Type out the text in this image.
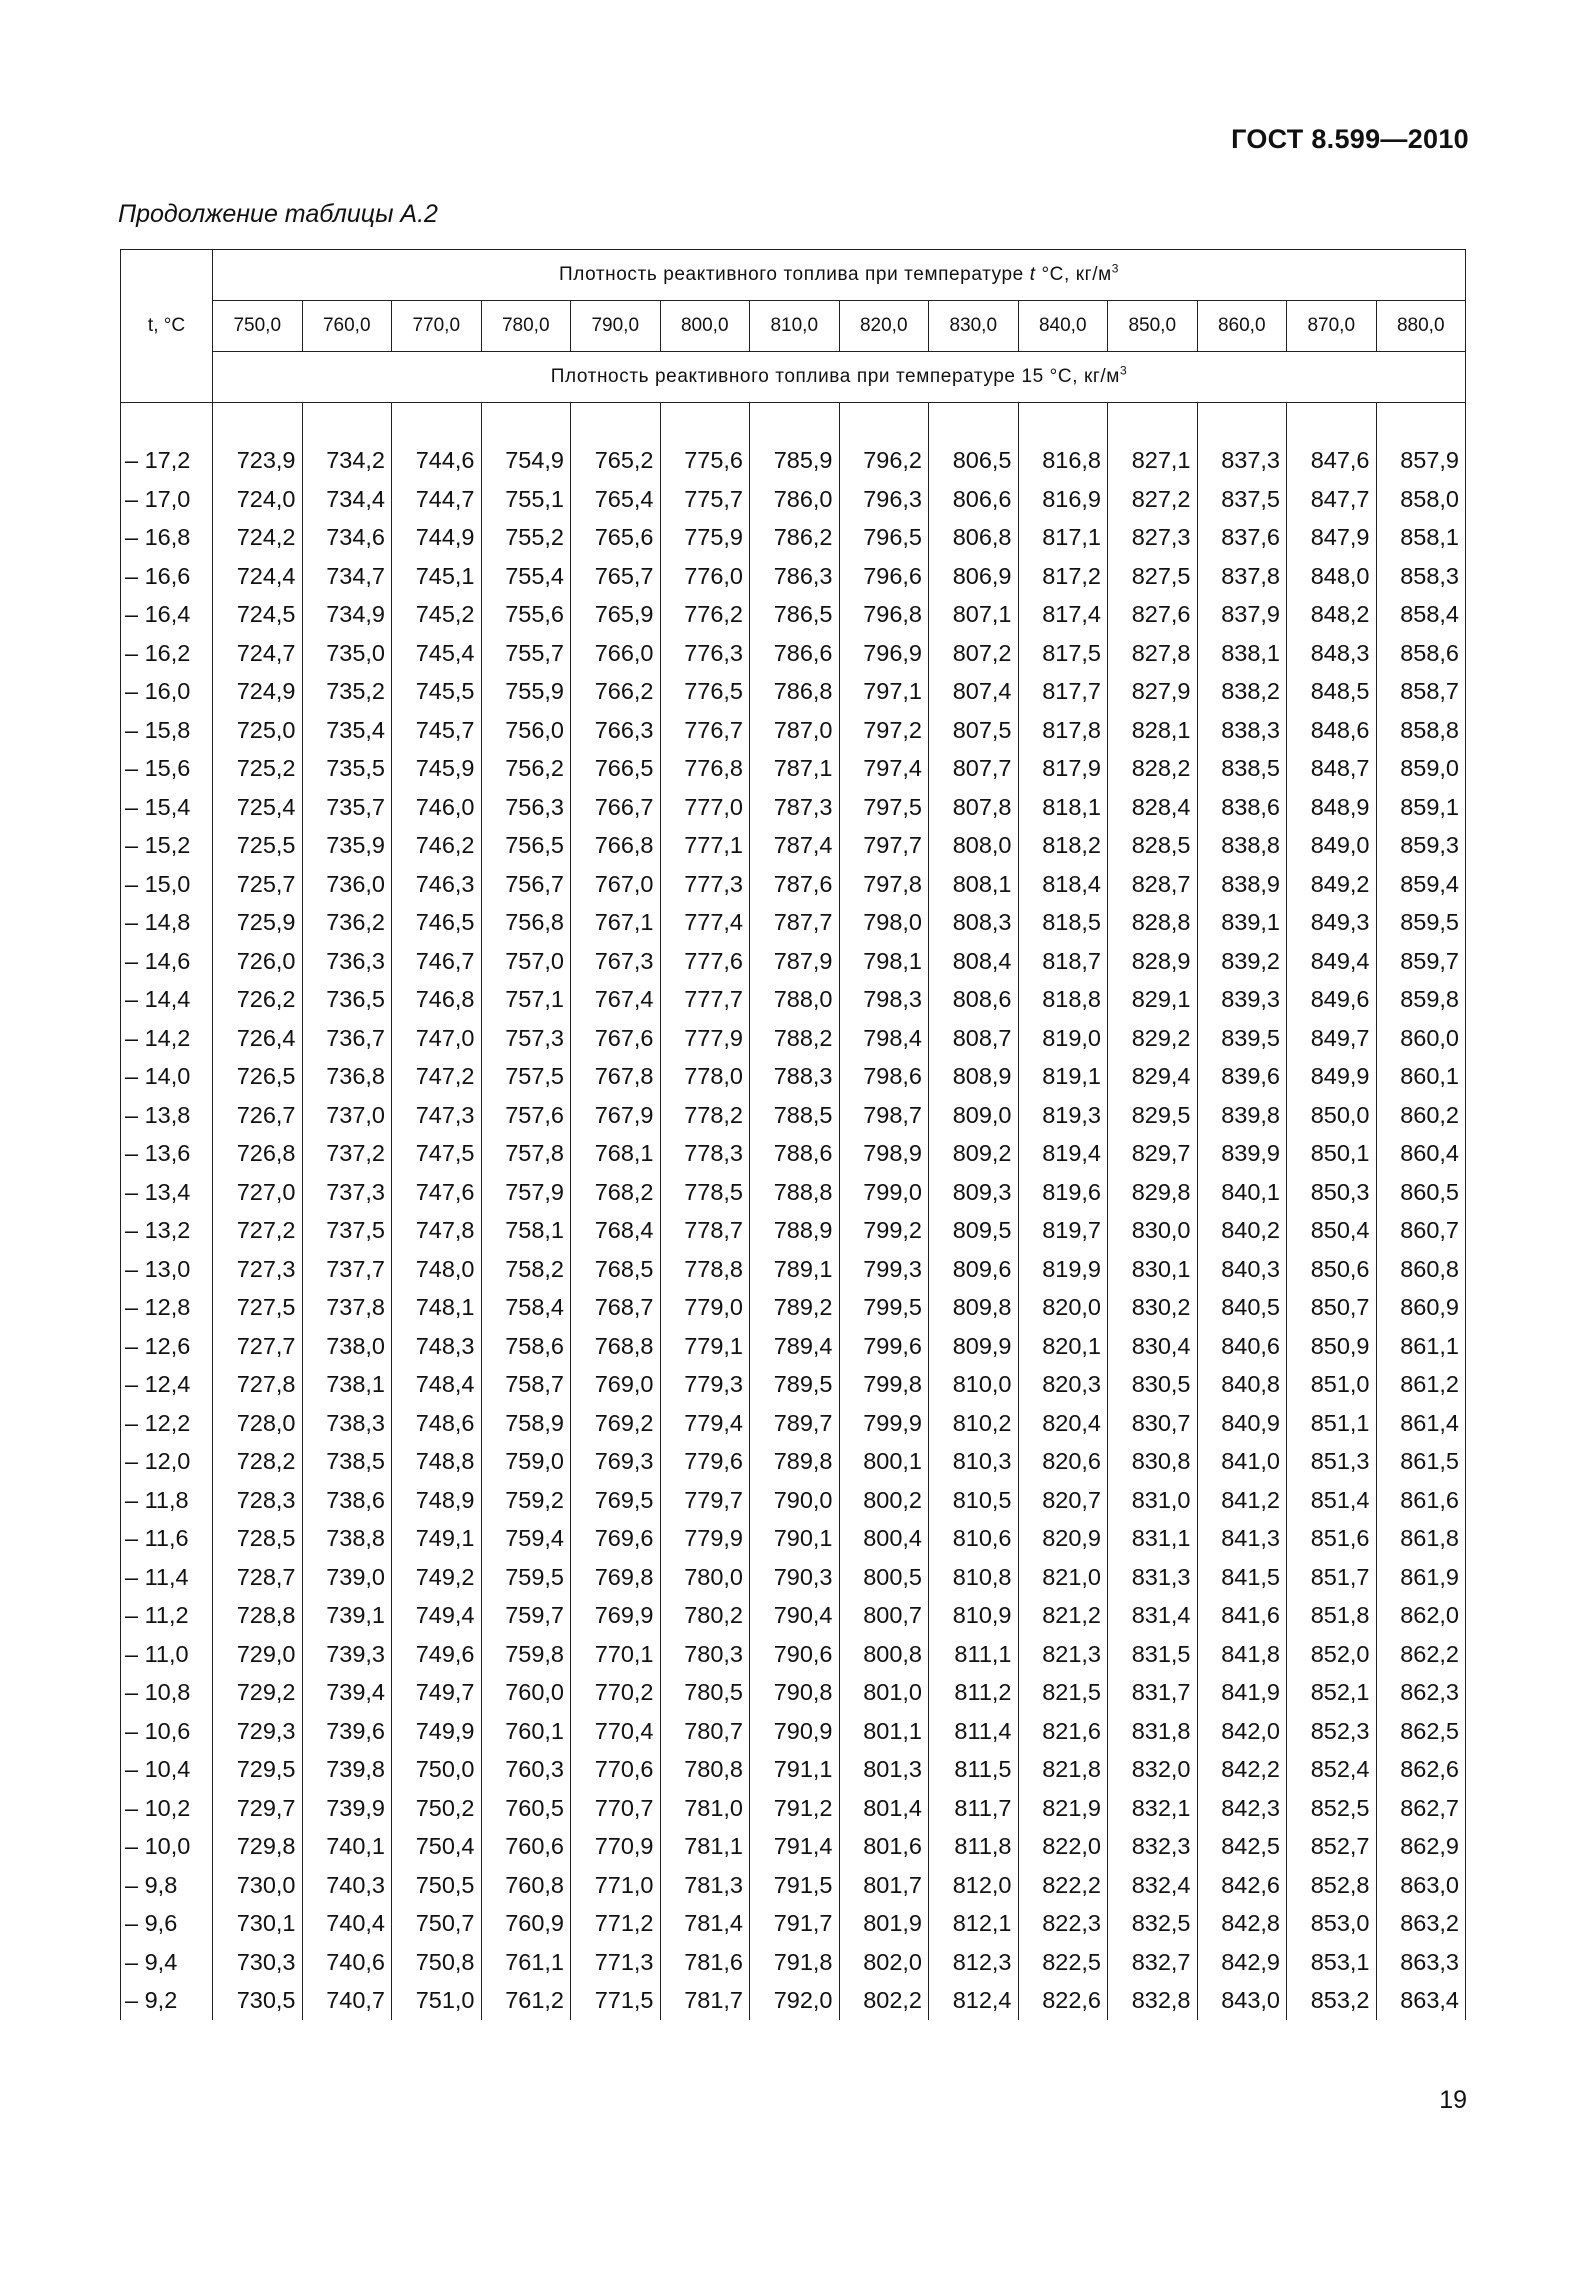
ГОСТ 8.599—2010
Продолжение таблицы А.2
t, °C	Плотность реактивного топлива при температуре t °C, $кг/м^3$
	750,0	760,0	770,0	780,0	790,0	800,0	810,0	820,0	830,0	840,0	850,0	860,0	870,0	880,0
	Плотность реактивного топлива при температуре 15 °C, $кг/м^3$

– 17,2	723,9	734,2	744,6	754,9	765,2	775,6	785,9	796,2	806,5	816,8	827,1	837,3	847,6	857,9
– 17,0	724,0	734,4	744,7	755,1	765,4	775,7	786,0	796,3	806,6	816,9	827,2	837,5	847,7	858,0
– 16,8	724,2	734,6	744,9	755,2	765,6	775,9	786,2	796,5	806,8	817,1	827,3	837,6	847,9	858,1
– 16,6	724,4	734,7	745,1	755,4	765,7	776,0	786,3	796,6	806,9	817,2	827,5	837,8	848,0	858,3
– 16,4	724,5	734,9	745,2	755,6	765,9	776,2	786,5	796,8	807,1	817,4	827,6	837,9	848,2	858,4
– 16,2	724,7	735,0	745,4	755,7	766,0	776,3	786,6	796,9	807,2	817,5	827,8	838,1	848,3	858,6
– 16,0	724,9	735,2	745,5	755,9	766,2	776,5	786,8	797,1	807,4	817,7	827,9	838,2	848,5	858,7
– 15,8	725,0	735,4	745,7	756,0	766,3	776,7	787,0	797,2	807,5	817,8	828,1	838,3	848,6	858,8
– 15,6	725,2	735,5	745,9	756,2	766,5	776,8	787,1	797,4	807,7	817,9	828,2	838,5	848,7	859,0
– 15,4	725,4	735,7	746,0	756,3	766,7	777,0	787,3	797,5	807,8	818,1	828,4	838,6	848,9	859,1
– 15,2	725,5	735,9	746,2	756,5	766,8	777,1	787,4	797,7	808,0	818,2	828,5	838,8	849,0	859,3
– 15,0	725,7	736,0	746,3	756,7	767,0	777,3	787,6	797,8	808,1	818,4	828,7	838,9	849,2	859,4
– 14,8	725,9	736,2	746,5	756,8	767,1	777,4	787,7	798,0	808,3	818,5	828,8	839,1	849,3	859,5
– 14,6	726,0	736,3	746,7	757,0	767,3	777,6	787,9	798,1	808,4	818,7	828,9	839,2	849,4	859,7
– 14,4	726,2	736,5	746,8	757,1	767,4	777,7	788,0	798,3	808,6	818,8	829,1	839,3	849,6	859,8
– 14,2	726,4	736,7	747,0	757,3	767,6	777,9	788,2	798,4	808,7	819,0	829,2	839,5	849,7	860,0
– 14,0	726,5	736,8	747,2	757,5	767,8	778,0	788,3	798,6	808,9	819,1	829,4	839,6	849,9	860,1
– 13,8	726,7	737,0	747,3	757,6	767,9	778,2	788,5	798,7	809,0	819,3	829,5	839,8	850,0	860,2
– 13,6	726,8	737,2	747,5	757,8	768,1	778,3	788,6	798,9	809,2	819,4	829,7	839,9	850,1	860,4
– 13,4	727,0	737,3	747,6	757,9	768,2	778,5	788,8	799,0	809,3	819,6	829,8	840,1	850,3	860,5
– 13,2	727,2	737,5	747,8	758,1	768,4	778,7	788,9	799,2	809,5	819,7	830,0	840,2	850,4	860,7
– 13,0	727,3	737,7	748,0	758,2	768,5	778,8	789,1	799,3	809,6	819,9	830,1	840,3	850,6	860,8
– 12,8	727,5	737,8	748,1	758,4	768,7	779,0	789,2	799,5	809,8	820,0	830,2	840,5	850,7	860,9
– 12,6	727,7	738,0	748,3	758,6	768,8	779,1	789,4	799,6	809,9	820,1	830,4	840,6	850,9	861,1
– 12,4	727,8	738,1	748,4	758,7	769,0	779,3	789,5	799,8	810,0	820,3	830,5	840,8	851,0	861,2
– 12,2	728,0	738,3	748,6	758,9	769,2	779,4	789,7	799,9	810,2	820,4	830,7	840,9	851,1	861,4
– 12,0	728,2	738,5	748,8	759,0	769,3	779,6	789,8	800,1	810,3	820,6	830,8	841,0	851,3	861,5
– 11,8	728,3	738,6	748,9	759,2	769,5	779,7	790,0	800,2	810,5	820,7	831,0	841,2	851,4	861,6
– 11,6	728,5	738,8	749,1	759,4	769,6	779,9	790,1	800,4	810,6	820,9	831,1	841,3	851,6	861,8
– 11,4	728,7	739,0	749,2	759,5	769,8	780,0	790,3	800,5	810,8	821,0	831,3	841,5	851,7	861,9
– 11,2	728,8	739,1	749,4	759,7	769,9	780,2	790,4	800,7	810,9	821,2	831,4	841,6	851,8	862,0
– 11,0	729,0	739,3	749,6	759,8	770,1	780,3	790,6	800,8	811,1	821,3	831,5	841,8	852,0	862,2
– 10,8	729,2	739,4	749,7	760,0	770,2	780,5	790,8	801,0	811,2	821,5	831,7	841,9	852,1	862,3
– 10,6	729,3	739,6	749,9	760,1	770,4	780,7	790,9	801,1	811,4	821,6	831,8	842,0	852,3	862,5
– 10,4	729,5	739,8	750,0	760,3	770,6	780,8	791,1	801,3	811,5	821,8	832,0	842,2	852,4	862,6
– 10,2	729,7	739,9	750,2	760,5	770,7	781,0	791,2	801,4	811,7	821,9	832,1	842,3	852,5	862,7
– 10,0	729,8	740,1	750,4	760,6	770,9	781,1	791,4	801,6	811,8	822,0	832,3	842,5	852,7	862,9
– 9,8	730,0	740,3	750,5	760,8	771,0	781,3	791,5	801,7	812,0	822,2	832,4	842,6	852,8	863,0
– 9,6	730,1	740,4	750,7	760,9	771,2	781,4	791,7	801,9	812,1	822,3	832,5	842,8	853,0	863,2
– 9,4	730,3	740,6	750,8	761,1	771,3	781,6	791,8	802,0	812,3	822,5	832,7	842,9	853,1	863,3
– 9,2	730,5	740,7	751,0	761,2	771,5	781,7	792,0	802,2	812,4	822,6	832,8	843,0	853,2	863,4
19
